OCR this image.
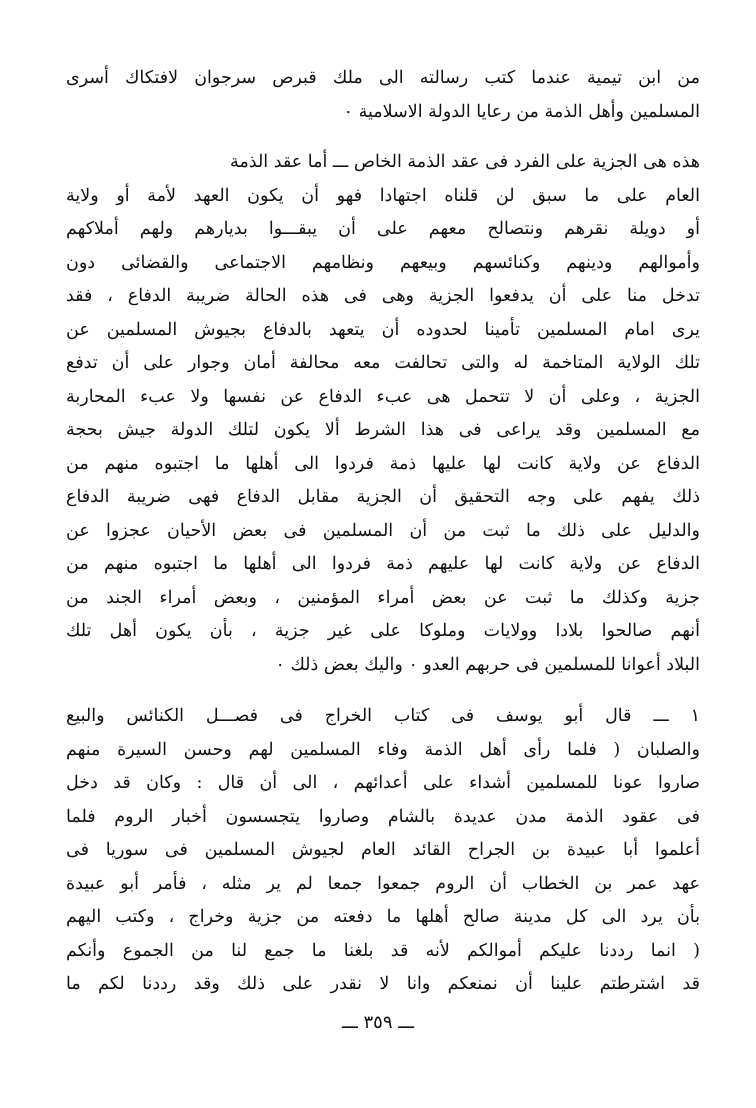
من ابن تيمية عندما كتب رسالته الى ملك قبرص سرجوان لافتكاك أسرى
المسلمين وأهل الذمة من رعايا الدولة الاسلامية ٠
هذه هى الجزية على الفرد فى عقد الذمة الخاص ـــ أما عقد الذمة
العام على ما سبق لن قلناه اجتهادا فهو أن يكون العهد لأمة أو ولاية
أو دويلة نقرهم ونتصالح معهم على أن يبقـــوا بديارهم ولهم أملاكهم
وأموالهم ودينهم وكنائسهم وبيعهم ونظامهم الاجتماعى والقضائى دون
تدخل منا على أن يدفعوا الجزية وهى فى هذه الحالة ضريبة الدفاع ، فقد
يرى امام المسلمين تأمينا لحدوده أن يتعهد بالدفاع بجيوش المسلمين عن
تلك الولاية المتاخمة له والتى تحالفت معه محالفة أمان وجوار على أن تدفع
الجزية ، وعلى أن لا تتحمل هى عبء الدفاع عن نفسها ولا عبء المحاربة
مع المسلمين وقد يراعى فى هذا الشرط ألا يكون لتلك الدولة جيش بحجة
الدفاع عن ولاية كانت لها عليها ذمة فردوا الى أهلها ما اجتبوه منهم من
ذلك يفهم على وجه التحقيق أن الجزية مقابل الدفاع فهى ضريبة الدفاع
والدليل على ذلك ما ثبت من أن المسلمين فى بعض الأحيان عجزوا عن
الدفاع عن ولاية كانت لها عليهم ذمة فردوا الى أهلها ما اجتبوه منهم من
جزية وكذلك ما ثبت عن بعض أمراء المؤمنين ، وبعض أمراء الجند من
أنهم صالحوا بلادا وولايات وملوكا على غير جزية ، بأن يكون أهل تلك
البلاد أعوانا للمسلمين فى حربهم العدو ٠ واليك بعض ذلك ٠
١ ـــ قال أبو يوسف فى كتاب الخراج فى فصـــل الكنائس والبيع
والصلبان ( فلما رأى أهل الذمة وفاء المسلمين لهم وحسن السيرة منهم
صاروا عونا للمسلمين أشداء على أعدائهم ، الى أن قال : وكان قد دخل
فى عقود الذمة مدن عديدة بالشام وصاروا يتجسسون أخبار الروم فلما
أعلموا أبا عبيدة بن الجراح القائد العام لجيوش المسلمين فى سوريا فى
عهد عمر بن الخطاب أن الروم جمعوا جمعا لم ير مثله ، فأمر أبو عبيدة
بأن يرد الى كل مدينة صالح أهلها ما دفعته من جزية وخراج ، وكتب اليهم
( انما رددنا عليكم أموالكم لأنه قد بلغنا ما جمع لنا من الجموع وأنكم
قد اشترطتم علينا أن نمنعكم وانا لا نقدر على ذلك وقد رددنا لكم ما
ـــ ٣٥٩ ـــ
